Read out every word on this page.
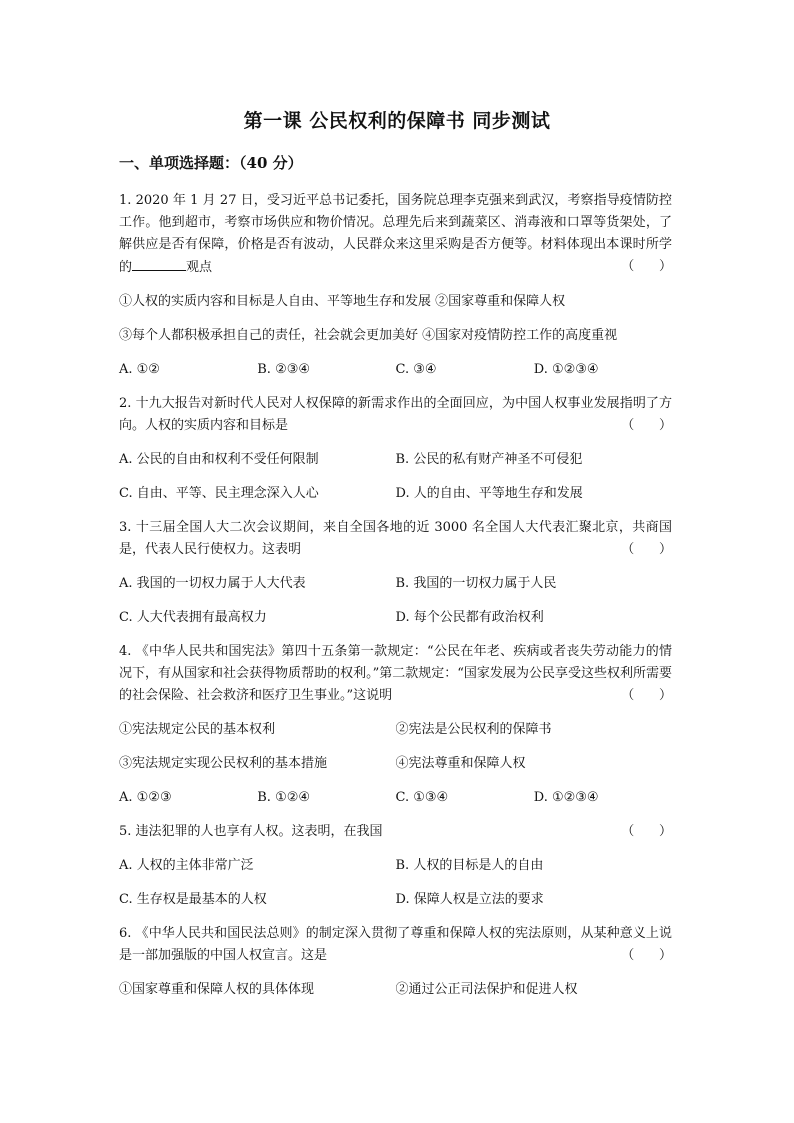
第一课 公民权利的保障书 同步测试
一、单项选择题：（40 分）
1. 2020 年 1 月 27 日，受习近平总书记委托，国务院总理李克强来到武汉，考察指导疫情防控工作。他到超市，考察市场供应和物价情况。总理先后来到蔬菜区、消毒液和口罩等货架处，了解供应是否有保障，价格是否有波动，人民群众来这里采购是否方便等。材料体现出本课时所学的	观点	（      ）
①人权的实质内容和目标是人自由、平等地生存和发展 ②国家尊重和保障人权
③每个人都积极承担自己的责任，社会就会更加美好 ④国家对疫情防控工作的高度重视
A. ①②	B. ②③④	C. ③④	D. ①②③④
2. 十九大报告对新时代人民对人权保障的新需求作出的全面回应，为中国人权事业发展指明了方向。人权的实质内容和目标是	（      ）
A. 公民的自由和权利不受任何限制	B. 公民的私有财产神圣不可侵犯
C. 自由、平等、民主理念深入人心	D. 人的自由、平等地生存和发展
3. 十三届全国人大二次会议期间，来自全国各地的近 3000 名全国人大代表汇聚北京，共商国是，代表人民行使权力。这表明	（      ）
A. 我国的一切权力属于人大代表	B. 我国的一切权力属于人民
C. 人大代表拥有最高权力	D. 每个公民都有政治权利
4. 《中华人民共和国宪法》第四十五条第一款规定：“公民在年老、疾病或者丧失劳动能力的情况下，有从国家和社会获得物质帮助的权利。”第二款规定：“国家发展为公民享受这些权利所需要的社会保险、社会救济和医疗卫生事业。”这说明	（      ）
①宪法规定公民的基本权利	②宪法是公民权利的保障书
③宪法规定实现公民权利的基本措施	④宪法尊重和保障人权
A. ①②③	B. ①②④	C. ①③④	D. ①②③④
5. 违法犯罪的人也享有人权。这表明，在我国	（      ）
A. 人权的主体非常广泛	B. 人权的目标是人的自由
C. 生存权是最基本的人权	D. 保障人权是立法的要求
6. 《中华人民共和国民法总则》的制定深入贯彻了尊重和保障人权的宪法原则，从某种意义上说是一部加强版的中国人权宣言。这是	（      ）
①国家尊重和保障人权的具体体现	②通过公正司法保护和促进人权
